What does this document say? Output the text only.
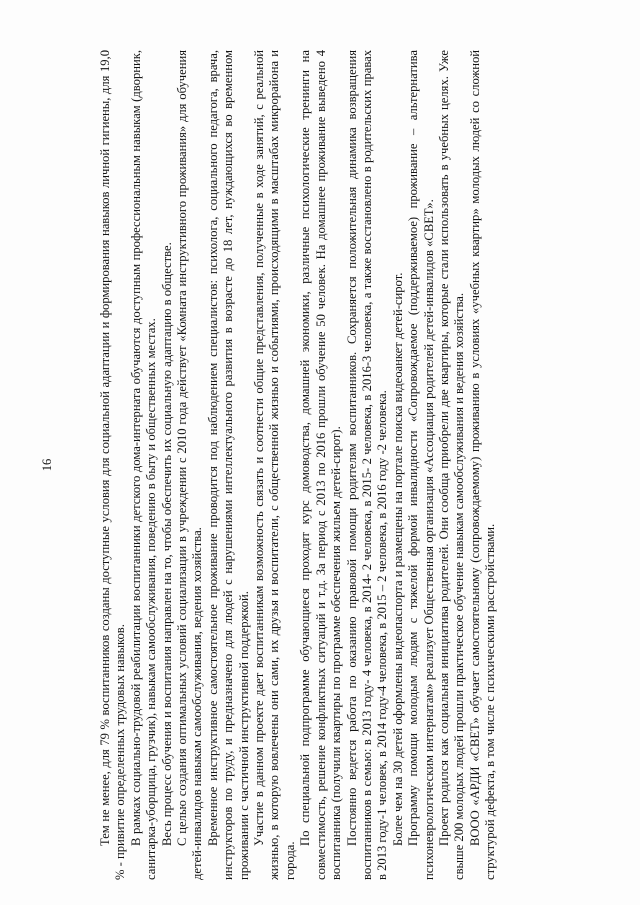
16	Тем не менее, для 79 % воспитанников созданы доступные условия для социальной адаптации и формирования навыков личной гигиены, для 19,0 % - привитие определенных трудовых навыков. В рамках социально-трудовой реабилитации воспитанники детского дома-интерната обучаются доступным профессиональным навыкам (дворник, санитарка-уборщица, грузчик), навыкам самообслуживания, поведению в быту и общественных местах. Весь процесс обучения и воспитания направлен на то, чтобы обеспечить их социальную адаптацию в обществе. С целью создания оптимальных условий социализации в учреждении с 2010 года действует «Комната инструктивного проживания» для обучения детей-инвалидов навыкам самообслуживания, ведения хозяйства. Временное инструктивное самостоятельное проживание проводится под наблюдением специалистов: психолога, социального педагога, врача, инструкторов по труду, и предназначено для людей с нарушениями интеллектуального развития в возрасте до 18 лет, нуждающихся во временном проживании с частичной инструктивной поддержкой. Участие в данном проекте дает воспитанникам возможность связать и соотнести общие представления, полученные в ходе занятий, с реальной жизнью, в которую вовлечены они сами, их друзья и воспитатели, с общественной жизнью и событиями, происходящими в масштабах микрорайона и города.

По специальной подпрограмме обучающиеся проходят курс домоводства, домашней экономики, различные психологические тренинги на совместимость, решение конфликтных ситуаций и т.д. За период с 2013 по 2016 прошли обучение 50 человек. На домашнее проживание выведено 4 воспитанника (получили квартиры по программе обеспечения жильем детей-сирот). Постоянно ведется работа по оказанию правовой помощи родителям воспитанников. Сохраняется положительная динамика возвращения воспитанников в семью: в 2013 году- 4 человека, в 2014- 2 человека, в 2015- 2 человека, в 2016-3 человека, а также восстановлено в родительских правах в 2013 году-1 человек, в 2014 году-4 человека, в 2015 – 2 человека, в 2016 году -2 человека. Более чем на 30 детей оформлены видеопаспорта и размещены на портале поиска видеоанкет детей-сирот. Программу помощи молодым людям с тяжелой формой инвалидности «Сопровождаемое (поддерживаемое) проживание – альтернатива психоневрологическим интернатам» реализует Общественная организация «Ассоциация родителей детей-инвалидов «СВЕТ». Проект родился как социальная инициатива родителей. Они сообща приобрели две квартиры, которые стали использовать в учебных целях. Уже свыше 200 молодых людей прошли практическое обучение навыкам самообслуживания и ведения хозяйства. ВООО «АРДИ «СВЕТ» обучает самостоятельному (сопровождаемому) проживанию в условиях «учебных квартир» молодых людей со сложной структурой дефекта, в том числе с психическими расстройствами.
